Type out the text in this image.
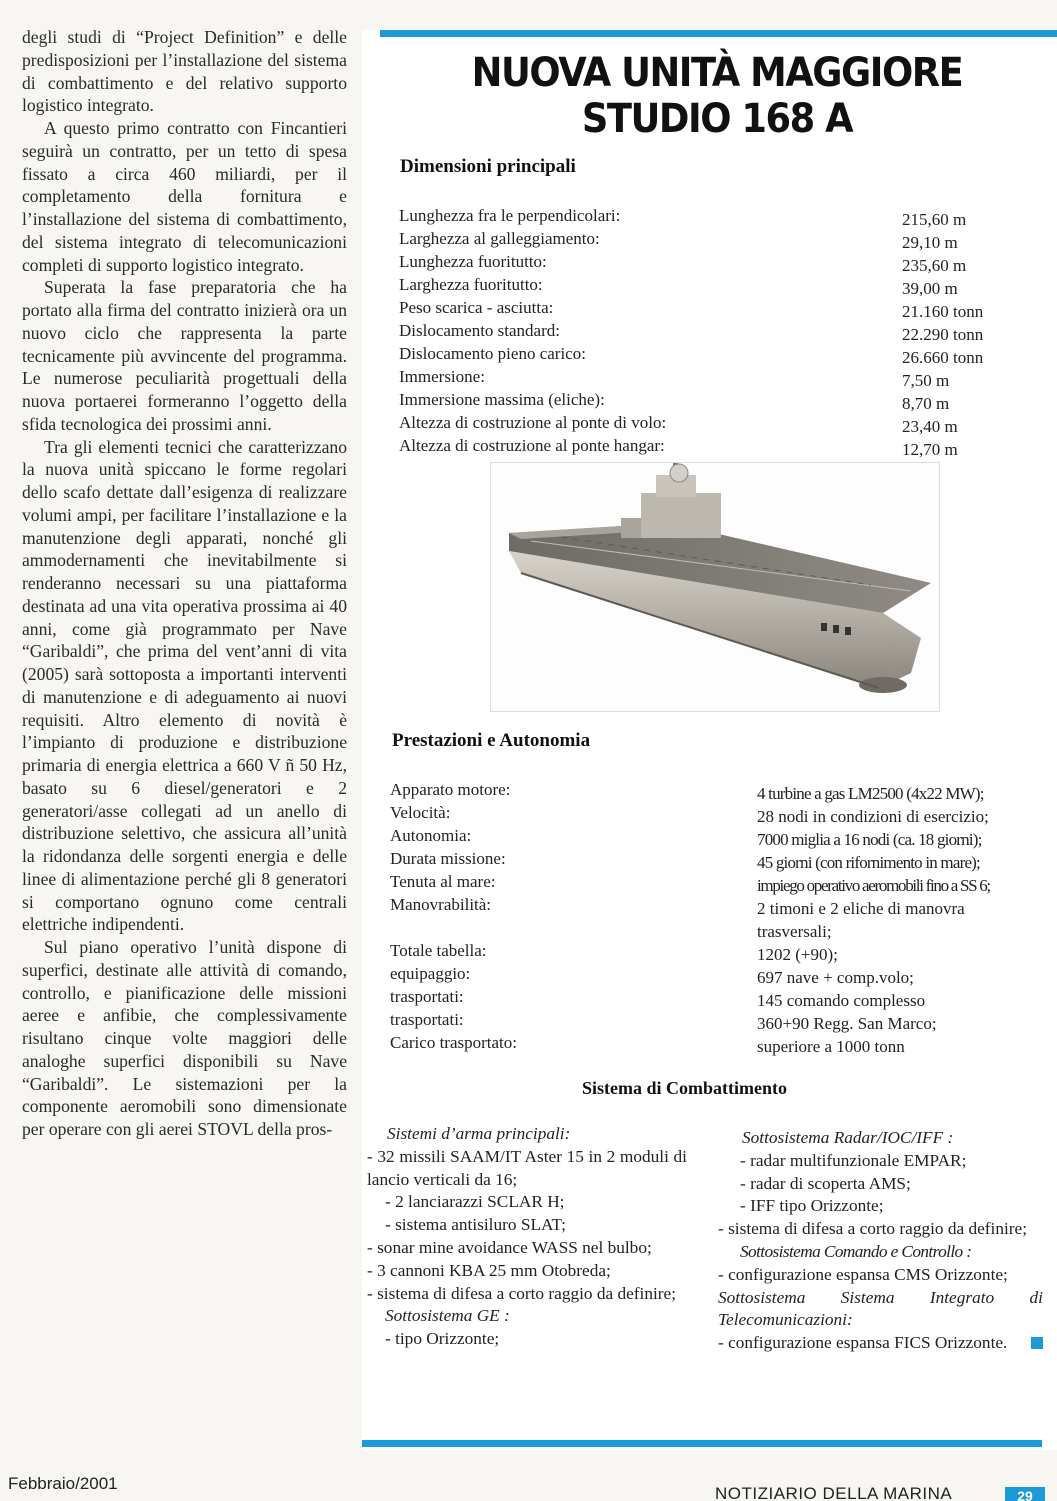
degli studi di “Project Definition” e delle predisposizioni per l’installazione del sistema di combattimento e del relativo supporto logistico integrato.

A questo primo contratto con Fincantieri seguirà un contratto, per un tetto di spesa fissato a circa 460 miliardi, per il completamento della fornitura e l’installazione del sistema di combattimento, del sistema integrato di telecomunicazioni completi di supporto logistico integrato.

Superata la fase preparatoria che ha portato alla firma del contratto inizierà ora un nuovo ciclo che rappresenta la parte tecnicamente più avvincente del programma. Le numerose peculiarità progettuali della nuova portaerei formeranno l’oggetto della sfida tecnologica dei prossimi anni.

Tra gli elementi tecnici che caratterizzano la nuova unità spiccano le forme regolari dello scafo dettate dall’esigenza di realizzare volumi ampi, per facilitare l’installazione e la manutenzione degli apparati, nonché gli ammodernamenti che inevitabilmente si renderanno necessari su una piattaforma destinata ad una vita operativa prossima ai 40 anni, come già programmato per Nave “Garibaldi”, che prima del vent’anni di vita (2005) sarà sottoposta a importanti interventi di manutenzione e di adeguamento ai nuovi requisiti. Altro elemento di novità è l’impianto di produzione e distribuzione primaria di energia elettrica a 660 V ñ 50 Hz, basato su 6 diesel/generatori e 2 generatori/asse collegati ad un anello di distribuzione selettivo, che assicura all’unità la ridondanza delle sorgenti energia e delle linee di alimentazione perché gli 8 generatori si comportano ognuno come centrali elettriche indipendenti.

Sul piano operativo l’unità dispone di superfici, destinate alle attività di comando, controllo, e pianificazione delle missioni aeree e anfibie, che complessivamente risultano cinque volte maggiori delle analoghe superfici disponibili su Nave “Garibaldi”. Le sistemazioni per la componente aeromobili sono dimensionate per operare con gli aerei STOVL della pros-

NUOVA UNITÀ MAGGIORE
STUDIO 168 A
Dimensioni principali
Lunghezza fra le perpendicolari:
Larghezza al galleggiamento:
Lunghezza fuoritutto:
Larghezza fuoritutto:
Peso scarica - asciutta:
Dislocamento standard:
Dislocamento pieno carico:
Immersione:
Immersione massima (eliche):
Altezza di costruzione al ponte di volo:
Altezza di costruzione al ponte hangar:
215,60 m
29,10 m
235,60 m
39,00 m
21.160 tonn
22.290 tonn
26.660 tonn
7,50 m
8,70 m
23,40 m
12,70 m
Prestazioni e Autonomia
Apparato motore:
Velocità:
Autonomia:
Durata missione:
Tenuta al mare:
Manovrabilità:
Totale tabella:
equipaggio:
trasportati:
trasportati:
Carico trasportato:
4 turbine a gas LM2500 (4x22 MW);
28 nodi in condizioni di esercizio;
7000 miglia a 16 nodi (ca. 18 giorni);
45 giorni (con rifornimento in mare);
impiego operativo aeromobili fino a SS 6;
2 timoni e 2 eliche di manovra
trasversali;
1202 (+90);
697 nave + comp.volo;
145 comando complesso
360+90 Regg. San Marco;
superiore a 1000 tonn
Sistema di Combattimento
Sistemi d’arma principali:
- 32 missili SAAM/IT Aster 15 in 2 moduli di lancio verticali da 16;
- 2 lanciarazzi SCLAR H;
- sistema antisiluro SLAT;
- sonar mine avoidance WASS nel bulbo;
- 3 cannoni KBA 25 mm Otobreda;
- sistema di difesa a corto raggio da definire;
Sottosistema GE :
- tipo Orizzonte;
Sottosistema Radar/IOC/IFF :
- radar multifunzionale EMPAR;
- radar di scoperta AMS;
- IFF tipo Orizzonte;
- sistema di difesa a corto raggio da definire;
Sottosistema Comando e Controllo :
- configurazione espansa CMS Orizzonte;
Sottosistema Sistema Integrato di Telecomunicazioni:
- configurazione espansa FICS Orizzonte.
Febbraio/2001
NOTIZIARIO DELLA MARINA	29
